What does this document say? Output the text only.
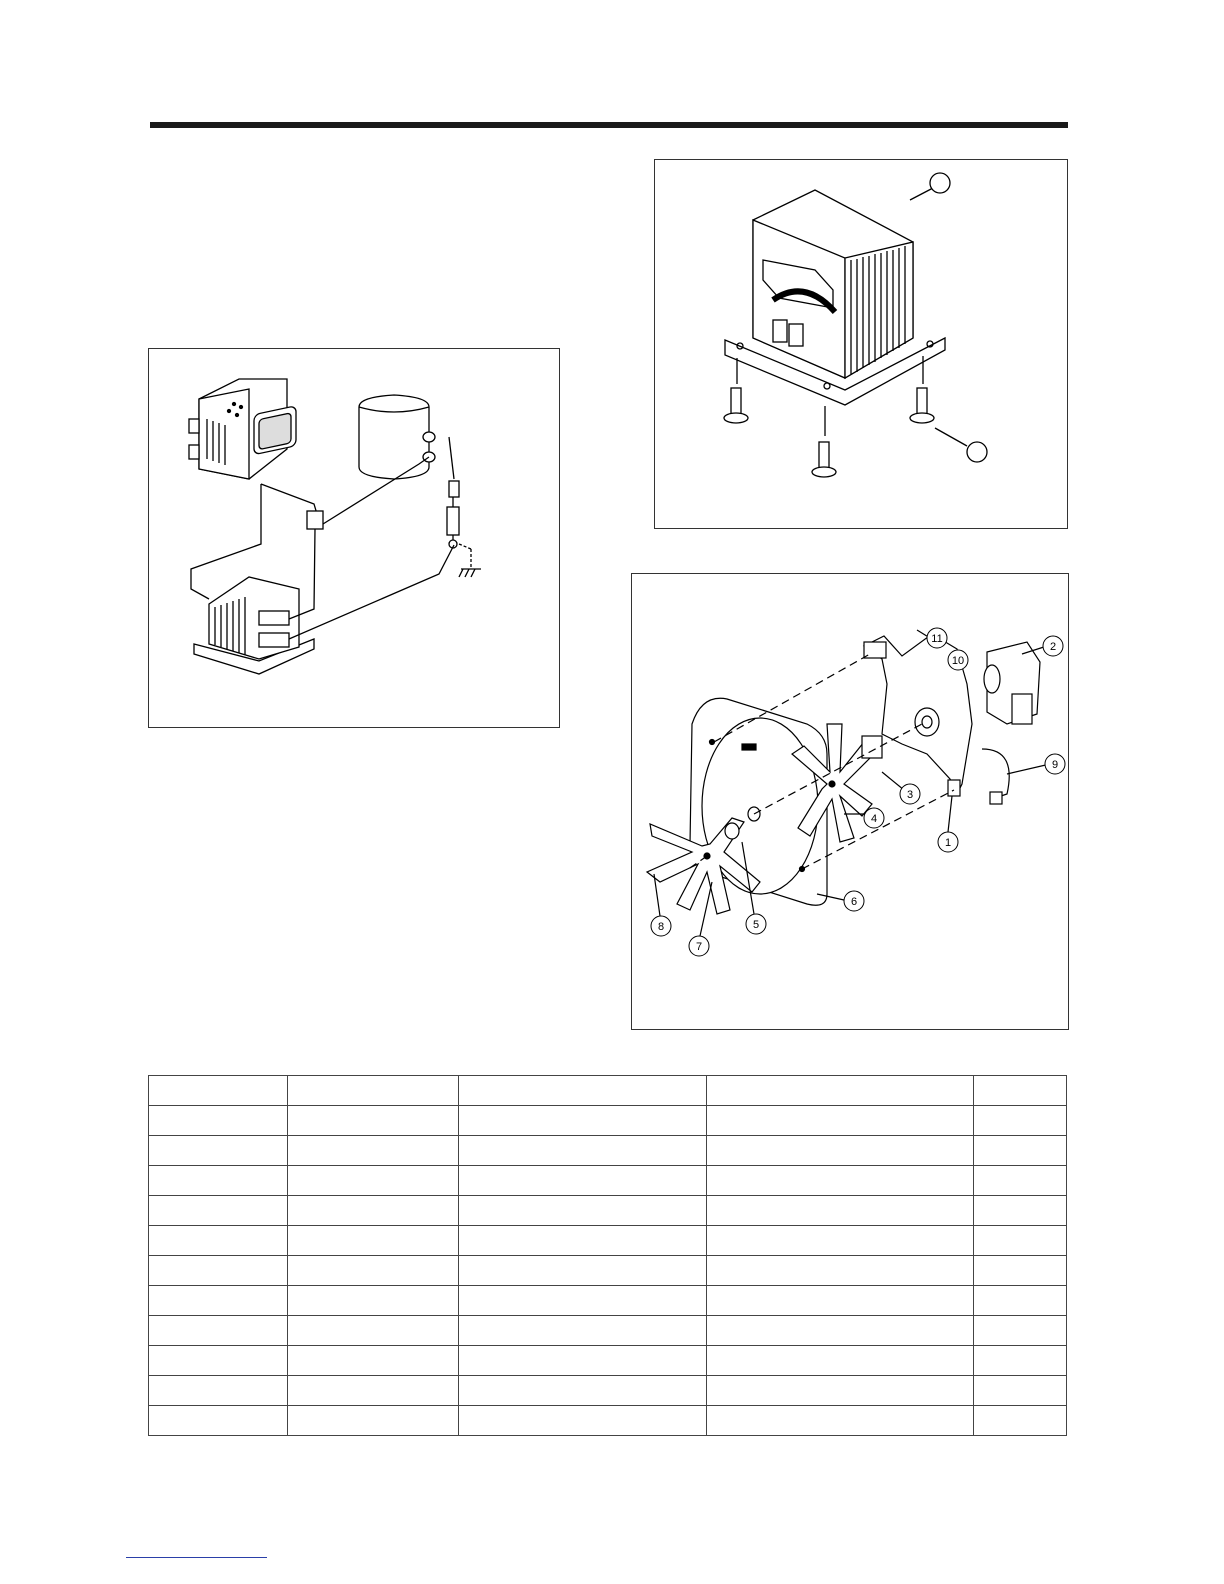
11
10
2
9
3
4
1
6
5
7
8
